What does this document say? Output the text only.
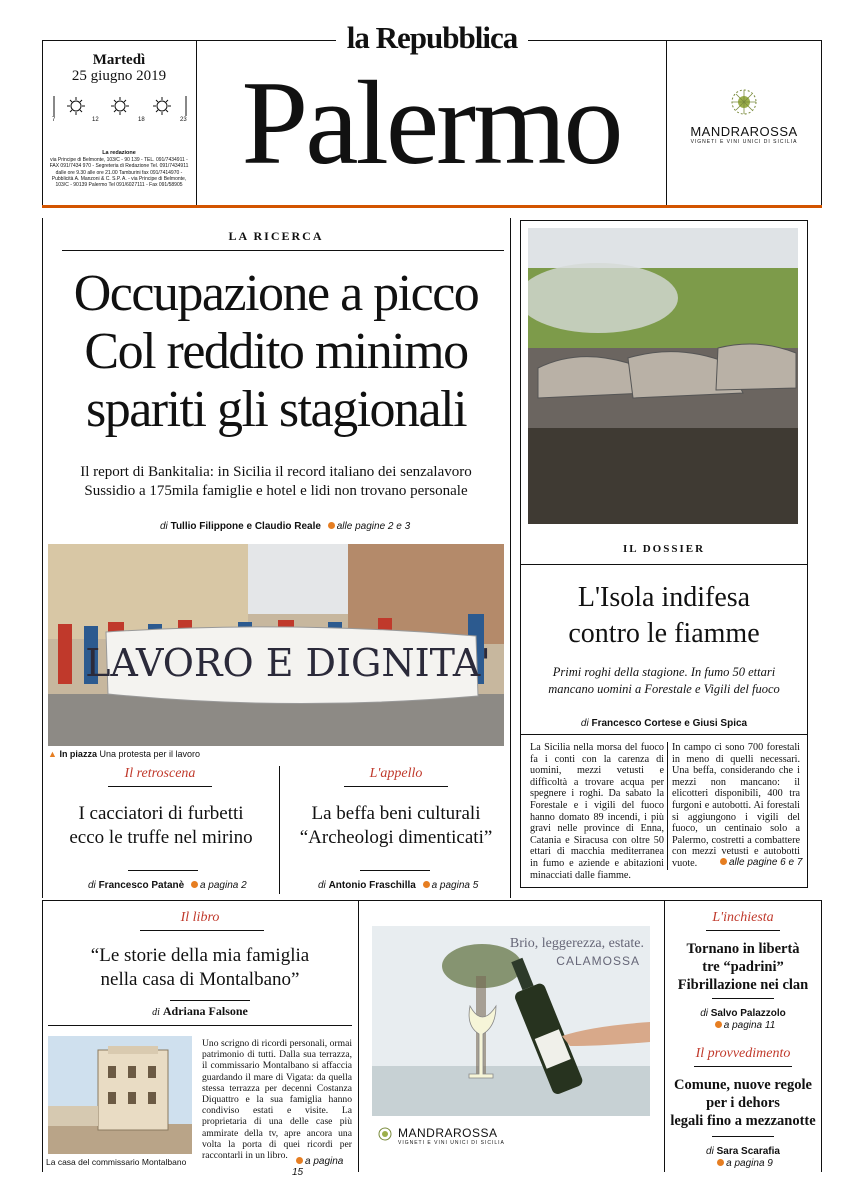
la Repubblica
Martedì
25 giugno 2019
7	12	18	23
La redazione
via Principe di Belmonte, 103/C - 90 139 - TEL. 091/7434911 - FAX 091/7434 970 - Segreteria di Redazione Tel. 091/7434911 dalle ore 9.30 alle ore 21.00 Tamburini fax 091/7414970 - Pubblicità A. Manzoni & C. S.P. A. - via Principe di Belmonte, 103/C - 90139 Palermo Tel 091/6027111 - Fax 091/58905 Palermo	MANDRAROSSA
VIGNETI E VINI UNICI DI SICILIA
LA RICERCA
Occupazione a picco
Col reddito minimo
spariti gli stagionali
Il report di Bankitalia: in Sicilia il record italiano dei senzalavoro
Sussidio a 175mila famiglie e hotel e lidi non trovano personale
di Tullio Filippone e Claudio Reale alle pagine 2 e 3
LAVORO E DIGNITA'
▲ In piazza Una protesta per il lavoro
Il retroscena
I cacciatori di furbetti
ecco le truffe nel mirino
di Francesco Patanè a pagina 2
L'appello
La beffa beni culturali
“Archeologi dimenticati”
di Antonio Fraschilla a pagina 5
IL DOSSIER
L'Isola indifesa
contro le fiamme
Primi roghi della stagione. In fumo 50 ettari
mancano uomini a Forestale e Vigili del fuoco
di Francesco Cortese e Giusi Spica
La Sicilia nella morsa del fuoco fa i conti con la carenza di uomini, mezzi vetusti e difficoltà a trovare acqua per spegnere i roghi. Da sabato la Forestale e i vigili del fuoco hanno domato 89 incendi, i più gravi nelle province di Enna, Catania e Siracusa con oltre 50 ettari di macchia mediterranea in fumo e aziende e abitazioni minacciati dalle fiamme.
In campo ci sono 700 forestali in meno di quelli necessari. Una beffa, considerando che i mezzi non mancano: il elicotteri disponibili, 400 tra furgoni e autobotti. Ai forestali si aggiungono i vigili del fuoco, un centinaio solo a Palermo, costretti a combattere con mezzi vetusti e autobotti vuote.	alle pagine 6 e 7
Il libro
“Le storie della mia famiglia
nella casa di Montalbano”
di Adriana Falsone
La casa del commissario Montalbano
Uno scrigno di ricordi personali, ormai patrimonio di tutti. Dalla sua terrazza, il commissario Montalbano si affaccia guardando il mare di Vigata: da quella stessa terrazza per decenni Costanza Diquattro e la sua famiglia hanno condiviso estati e visite. La proprietaria di una delle case più ammirate della tv, apre ancora una volta la porta di quei ricordi per raccontarli in un libro.
a pagina 15
Brio, leggerezza, estate.
CALAMOSSA
MANDRAROSSA
VIGNETI E VINI UNICI DI SICILIA
L'inchiesta
Tornano in libertà
tre “padrini”
Fibrillazione nei clan
di Salvo Palazzolo
a pagina 11
Il provvedimento
Comune, nuove regole
per i dehors
legali fino a mezzanotte
di Sara Scarafia
a pagina 9
